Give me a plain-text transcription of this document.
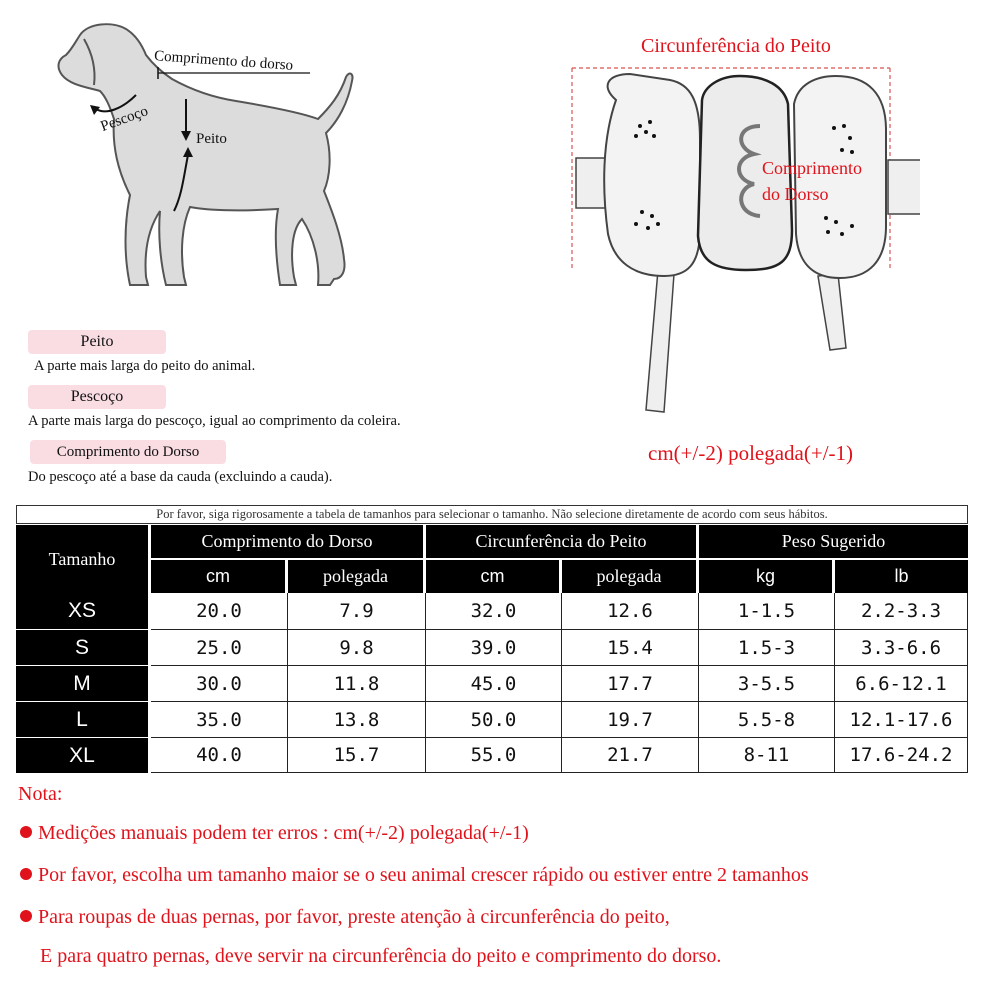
Comprimento do dorso
Pescoço
Peito
Peito
A parte mais larga do peito do animal.
Pescoço
A parte mais larga do pescoço, igual ao comprimento da coleira.
Comprimento do Dorso
Do pescoço até a base da cauda (excluindo a cauda).
Circunferência do Peito
Comprimento
do Dorso
cm(+/-2) polegada(+/-1)
Por favor, siga rigorosamente a tabela de tamanhos para selecionar o tamanho. Não selecione diretamente de acordo com seus hábitos.
Tamanho
Comprimento do Dorso	Circunferência do Peito	Peso Sugerido
cm	polegada	cm	polegada	kg	lb
XS	20.0	7.9	32.0	12.6	1-1.5	2.2-3.3
S	25.0	9.8	39.0	15.4	1.5-3	3.3-6.6
M	30.0	11.8	45.0	17.7	3-5.5	6.6-12.1
L	35.0	13.8	50.0	19.7	5.5-8	12.1-17.6
XL	40.0	15.7	55.0	21.7	8-11	17.6-24.2
Nota:
Medições manuais podem ter erros : cm(+/-2) polegada(+/-1)
Por favor, escolha um tamanho maior se o seu animal crescer rápido ou estiver entre 2 tamanhos
Para roupas de duas pernas, por favor, preste atenção à circunferência do peito,
E para quatro pernas, deve servir na circunferência do peito e comprimento do dorso.
